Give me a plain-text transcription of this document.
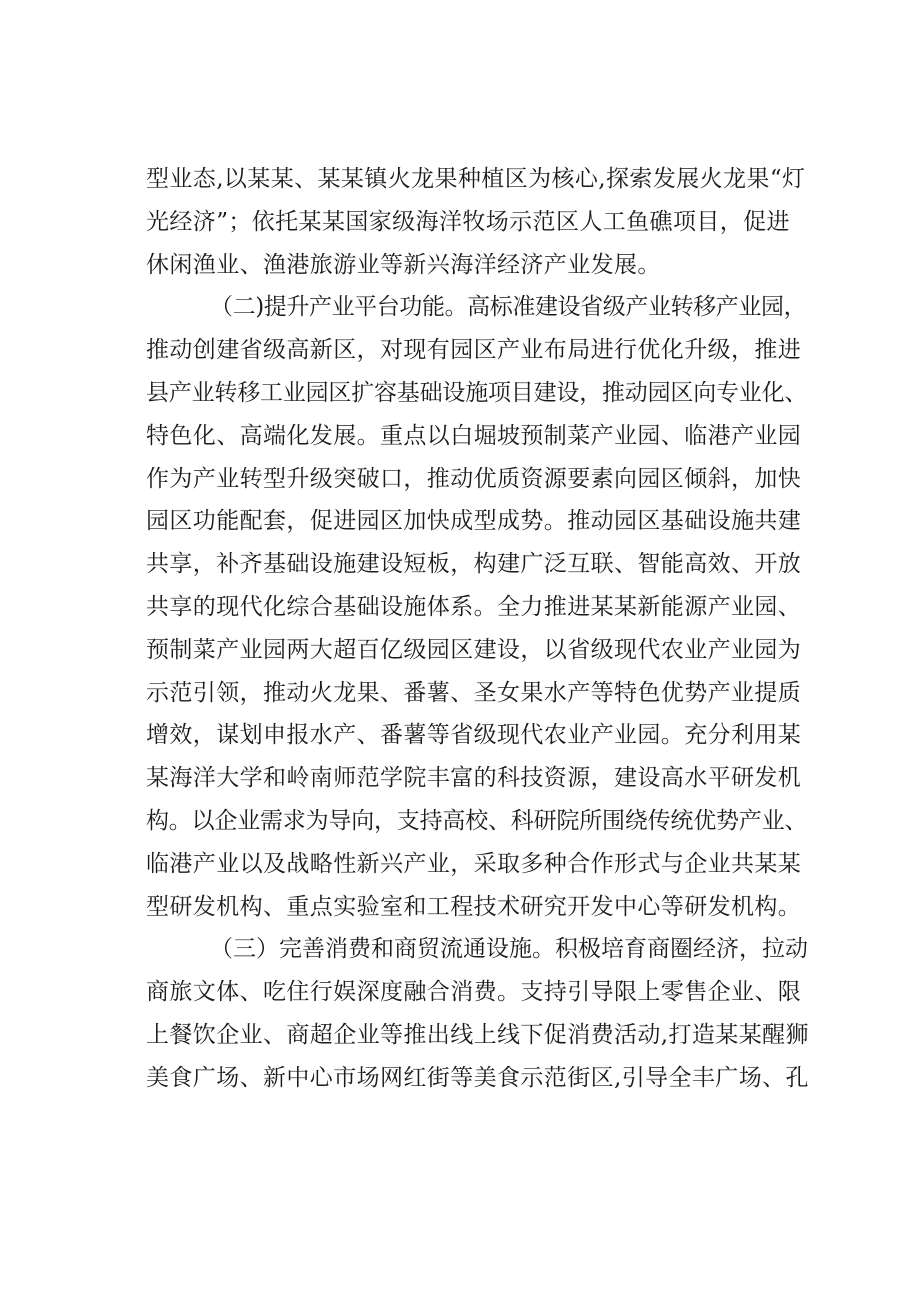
型业态,以某某、某某镇火龙果种植区为核心,探索发展火龙果“灯
光经济”；依托某某国家级海洋牧场示范区人工鱼礁项目，促进
休闲渔业、渔港旅游业等新兴海洋经济产业发展。
（二)提升产业平台功能。高标准建设省级产业转移产业园，
推动创建省级高新区，对现有园区产业布局进行优化升级，推进
县产业转移工业园区扩容基础设施项目建设，推动园区向专业化、
特色化、高端化发展。重点以白堀坡预制菜产业园、临港产业园
作为产业转型升级突破口，推动优质资源要素向园区倾斜，加快
园区功能配套，促进园区加快成型成势。推动园区基础设施共建
共享，补齐基础设施建设短板，构建广泛互联、智能高效、开放
共享的现代化综合基础设施体系。全力推进某某新能源产业园、
预制菜产业园两大超百亿级园区建设，以省级现代农业产业园为
示范引领，推动火龙果、番薯、圣女果水产等特色优势产业提质
增效，谋划申报水产、番薯等省级现代农业产业园。充分利用某
某海洋大学和岭南师范学院丰富的科技资源，建设高水平研发机
构。以企业需求为导向，支持高校、科研院所围绕传统优势产业、
临港产业以及战略性新兴产业，采取多种合作形式与企业共某某
型研发机构、重点实验室和工程技术研究开发中心等研发机构。
（三）完善消费和商贸流通设施。积极培育商圈经济，拉动
商旅文体、吃住行娱深度融合消费。支持引导限上零售企业、限
上餐饮企业、商超企业等推出线上线下促消费活动,打造某某醒狮
美食广场、新中心市场网红街等美食示范街区,引导全丰广场、孔
